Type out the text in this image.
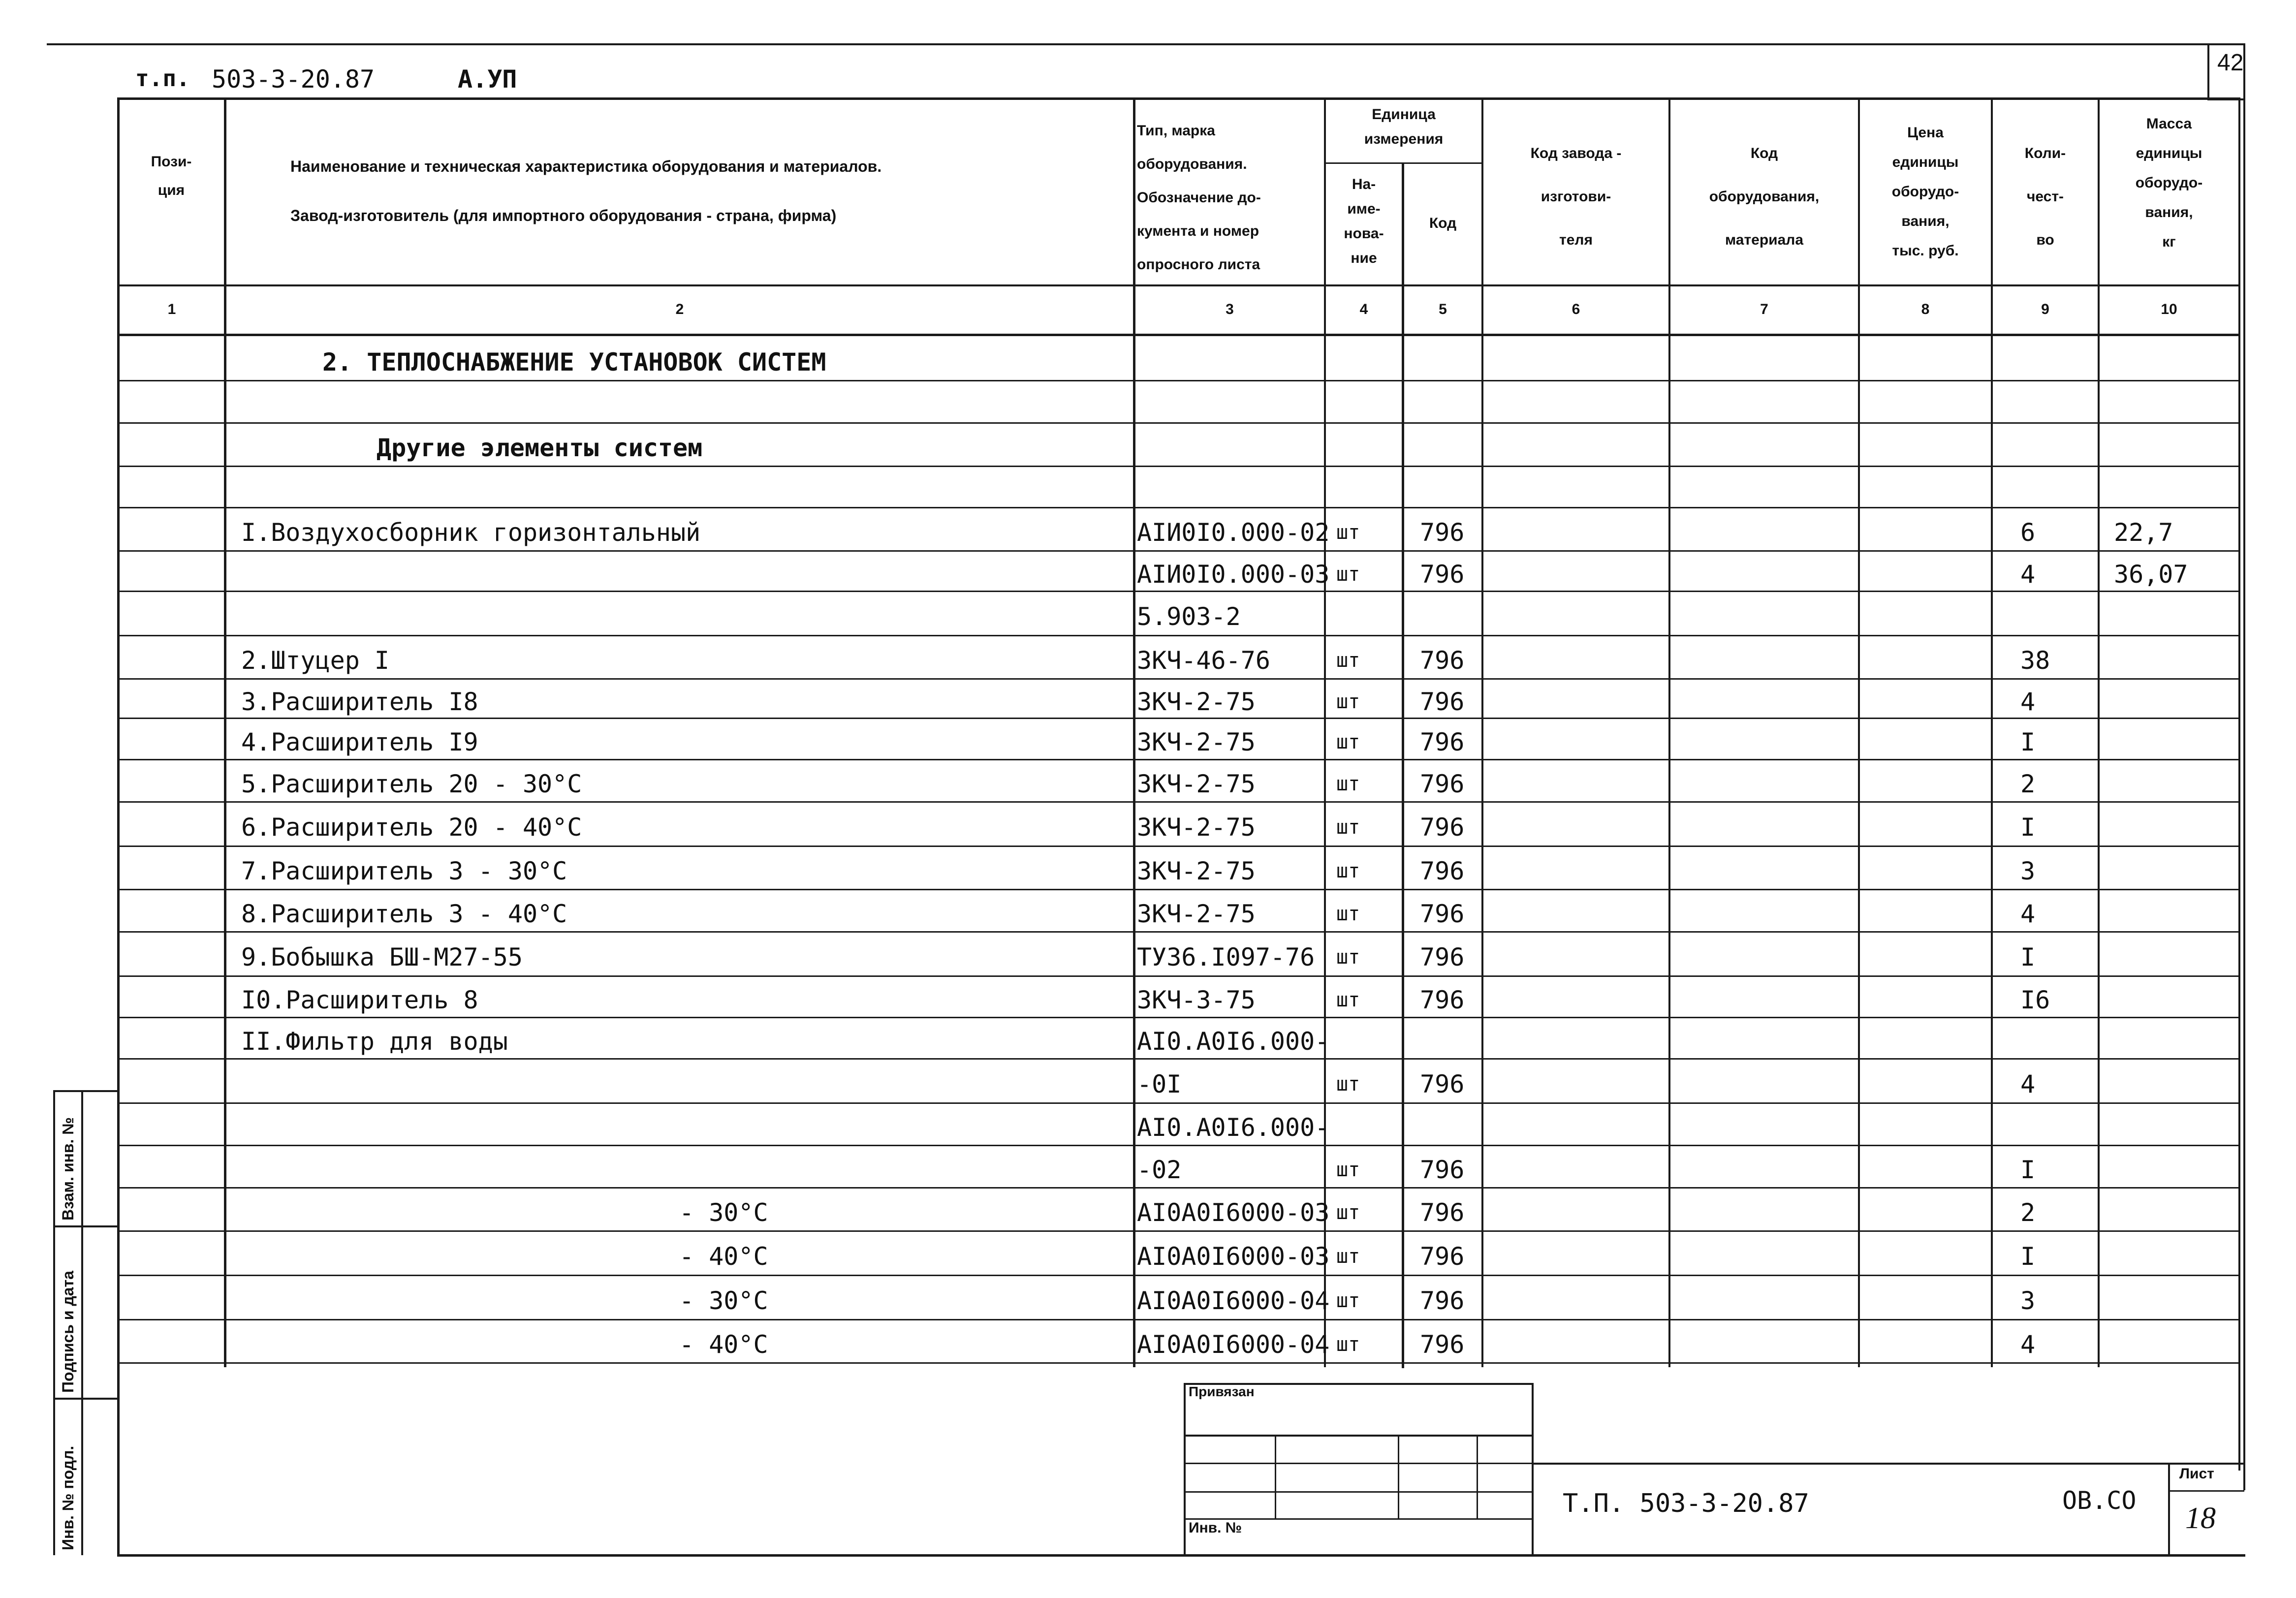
42
т.п. 503-3-20.87	А.УП
Пози-
ция
Наименование и техническая характеристика оборудования и материалов.
Завод-изготовитель (для импортного оборудования - страна, фирма)
Тип, марка
оборудования.
Обозначение до-
кумента и номер
опросного листа
Единица
измерения
На-
име-
нова-
ние
Код
Код завода -
изготови-
теля
Код
оборудования,
материала
Цена
единицы
оборудо-
вания,
тыс. руб.
Коли-
чест-
во
Масса
единицы
оборудо-
вания,
кг
1	2	3	4	5	6	7	8	9	10
2. ТЕПЛОСНАБЖЕНИЕ УСТАНОВОК СИСТЕМ
Другие элементы систем
I.Воздухосборник горизонтальный	АIИ0I0.000-02 шт 796	6	22,7
АIИ0I0.000-03 шт 796	4	36,07
5.903-2
2.Штуцер I	ЗКЧ-46-76	шт 796	38
3.Расширитель I8	ЗКЧ-2-75	шт 796	4
4.Расширитель I9	ЗКЧ-2-75	шт 796	I
5.Расширитель 20 - 30°С	ЗКЧ-2-75	шт 796	2
6.Расширитель 20 - 40°С	ЗКЧ-2-75	шт 796	I
7.Расширитель 3 - 30°С	ЗКЧ-2-75	шт 796	3
8.Расширитель 3 - 40°С	ЗКЧ-2-75	шт 796	4
9.Бобышка БШ-М27-55	ТУ36.I097-76 шт 796	I
I0.Расширитель 8	ЗКЧ-3-75	шт 796	I6
II.Фильтр для воды	АI0.А0I6.000-
-0I	шт 796	4
АI0.А0I6.000-
-02	шт 796	I
- 30°С	АI0А0I6000-03 шт 796	2
- 40°С	АI0А0I6000-03 шт 796	I
- 30°С	АI0А0I6000-04 шт 796	3
- 40°С	АI0А0I6000-04 шт 796	4
Инв. № подл.
Подпись и дата
Взам. инв. №
Привязан
Инв. №
Т.П. 503-3-20.87	ОВ.СО
Лист
18
